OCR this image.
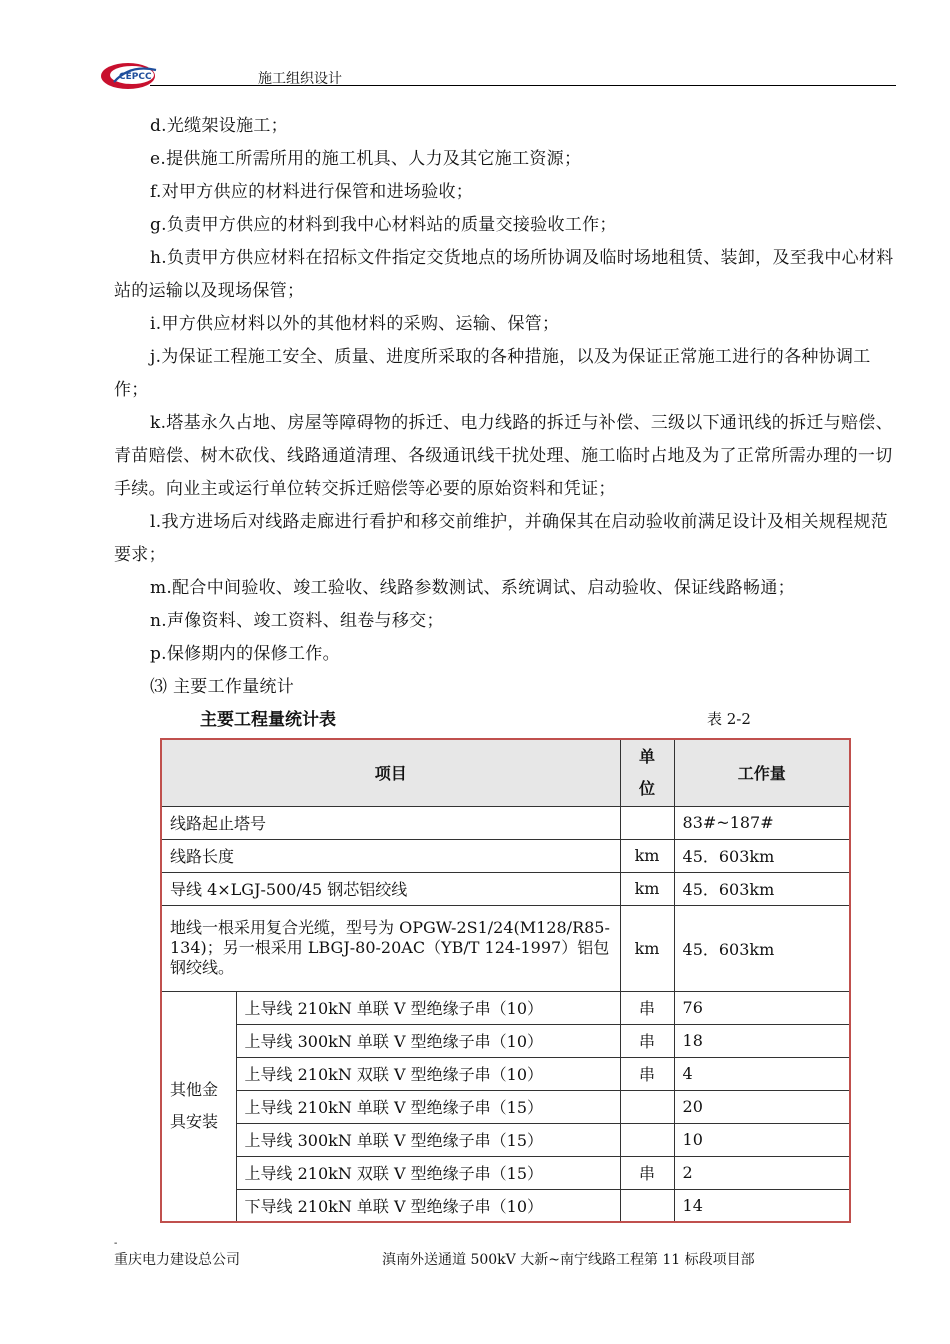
CEPCC	施工组织设计

d.光缆架设施工；

e.提供施工所需所用的施工机具、人力及其它施工资源；

f.对甲方供应的材料进行保管和进场验收；

g.负责甲方供应的材料到我中心材料站的质量交接验收工作；

h.负责甲方供应材料在招标文件指定交货地点的场所协调及临时场地租赁、装卸，及至我中心材料站的运输以及现场保管；

i.甲方供应材料以外的其他材料的采购、运输、保管；

j.为保证工程施工安全、质量、进度所采取的各种措施，以及为保证正常施工进行的各种协调工作；

k.塔基永久占地、房屋等障碍物的拆迁、电力线路的拆迁与补偿、三级以下通讯线的拆迁与赔偿、青苗赔偿、树木砍伐、线路通道清理、各级通讯线干扰处理、施工临时占地及为了正常所需办理的一切手续。向业主或运行单位转交拆迁赔偿等必要的原始资料和凭证；

l.我方进场后对线路走廊进行看护和移交前维护，并确保其在启动验收前满足设计及相关规程规范要求；

m.配合中间验收、竣工验收、线路参数测试、系统调试、启动验收、保证线路畅通；

n.声像资料、竣工资料、组卷与移交；

p.保修期内的保修工作。

⑶ 主要工作量统计

主要工程量统计表	表 2-2
项目		单位	工作量
线路起止塔号			83#~187#
线路长度		km	45．603km
导线 4×LGJ-500/45 钢芯铝绞线		km	45．603km
地线一根采用复合光缆，型号为 OPGW-2S1/24(M128/R85-134)；另一根采用 LBGJ-80-20AC（YB/T 124-1997）铝包钢绞线。		km	45．603km
其他金具安装	上导线 210kN 单联 V 型绝缘子串（10）	串	76
	上导线 300kN 单联 V 型绝缘子串（10）	串	18
	上导线 210kN 双联 V 型绝缘子串（10）	串	4
	上导线 210kN 单联 V 型绝缘子串（15）		20
	上导线 300kN 单联 V 型绝缘子串（15）		10
	上导线 210kN 双联 V 型绝缘子串（15）	串	2
	下导线 210kN 单联 V 型绝缘子串（10）		14
-
重庆电力建设总公司	滇南外送通道 500kV 大新~南宁线路工程第 11 标段项目部
